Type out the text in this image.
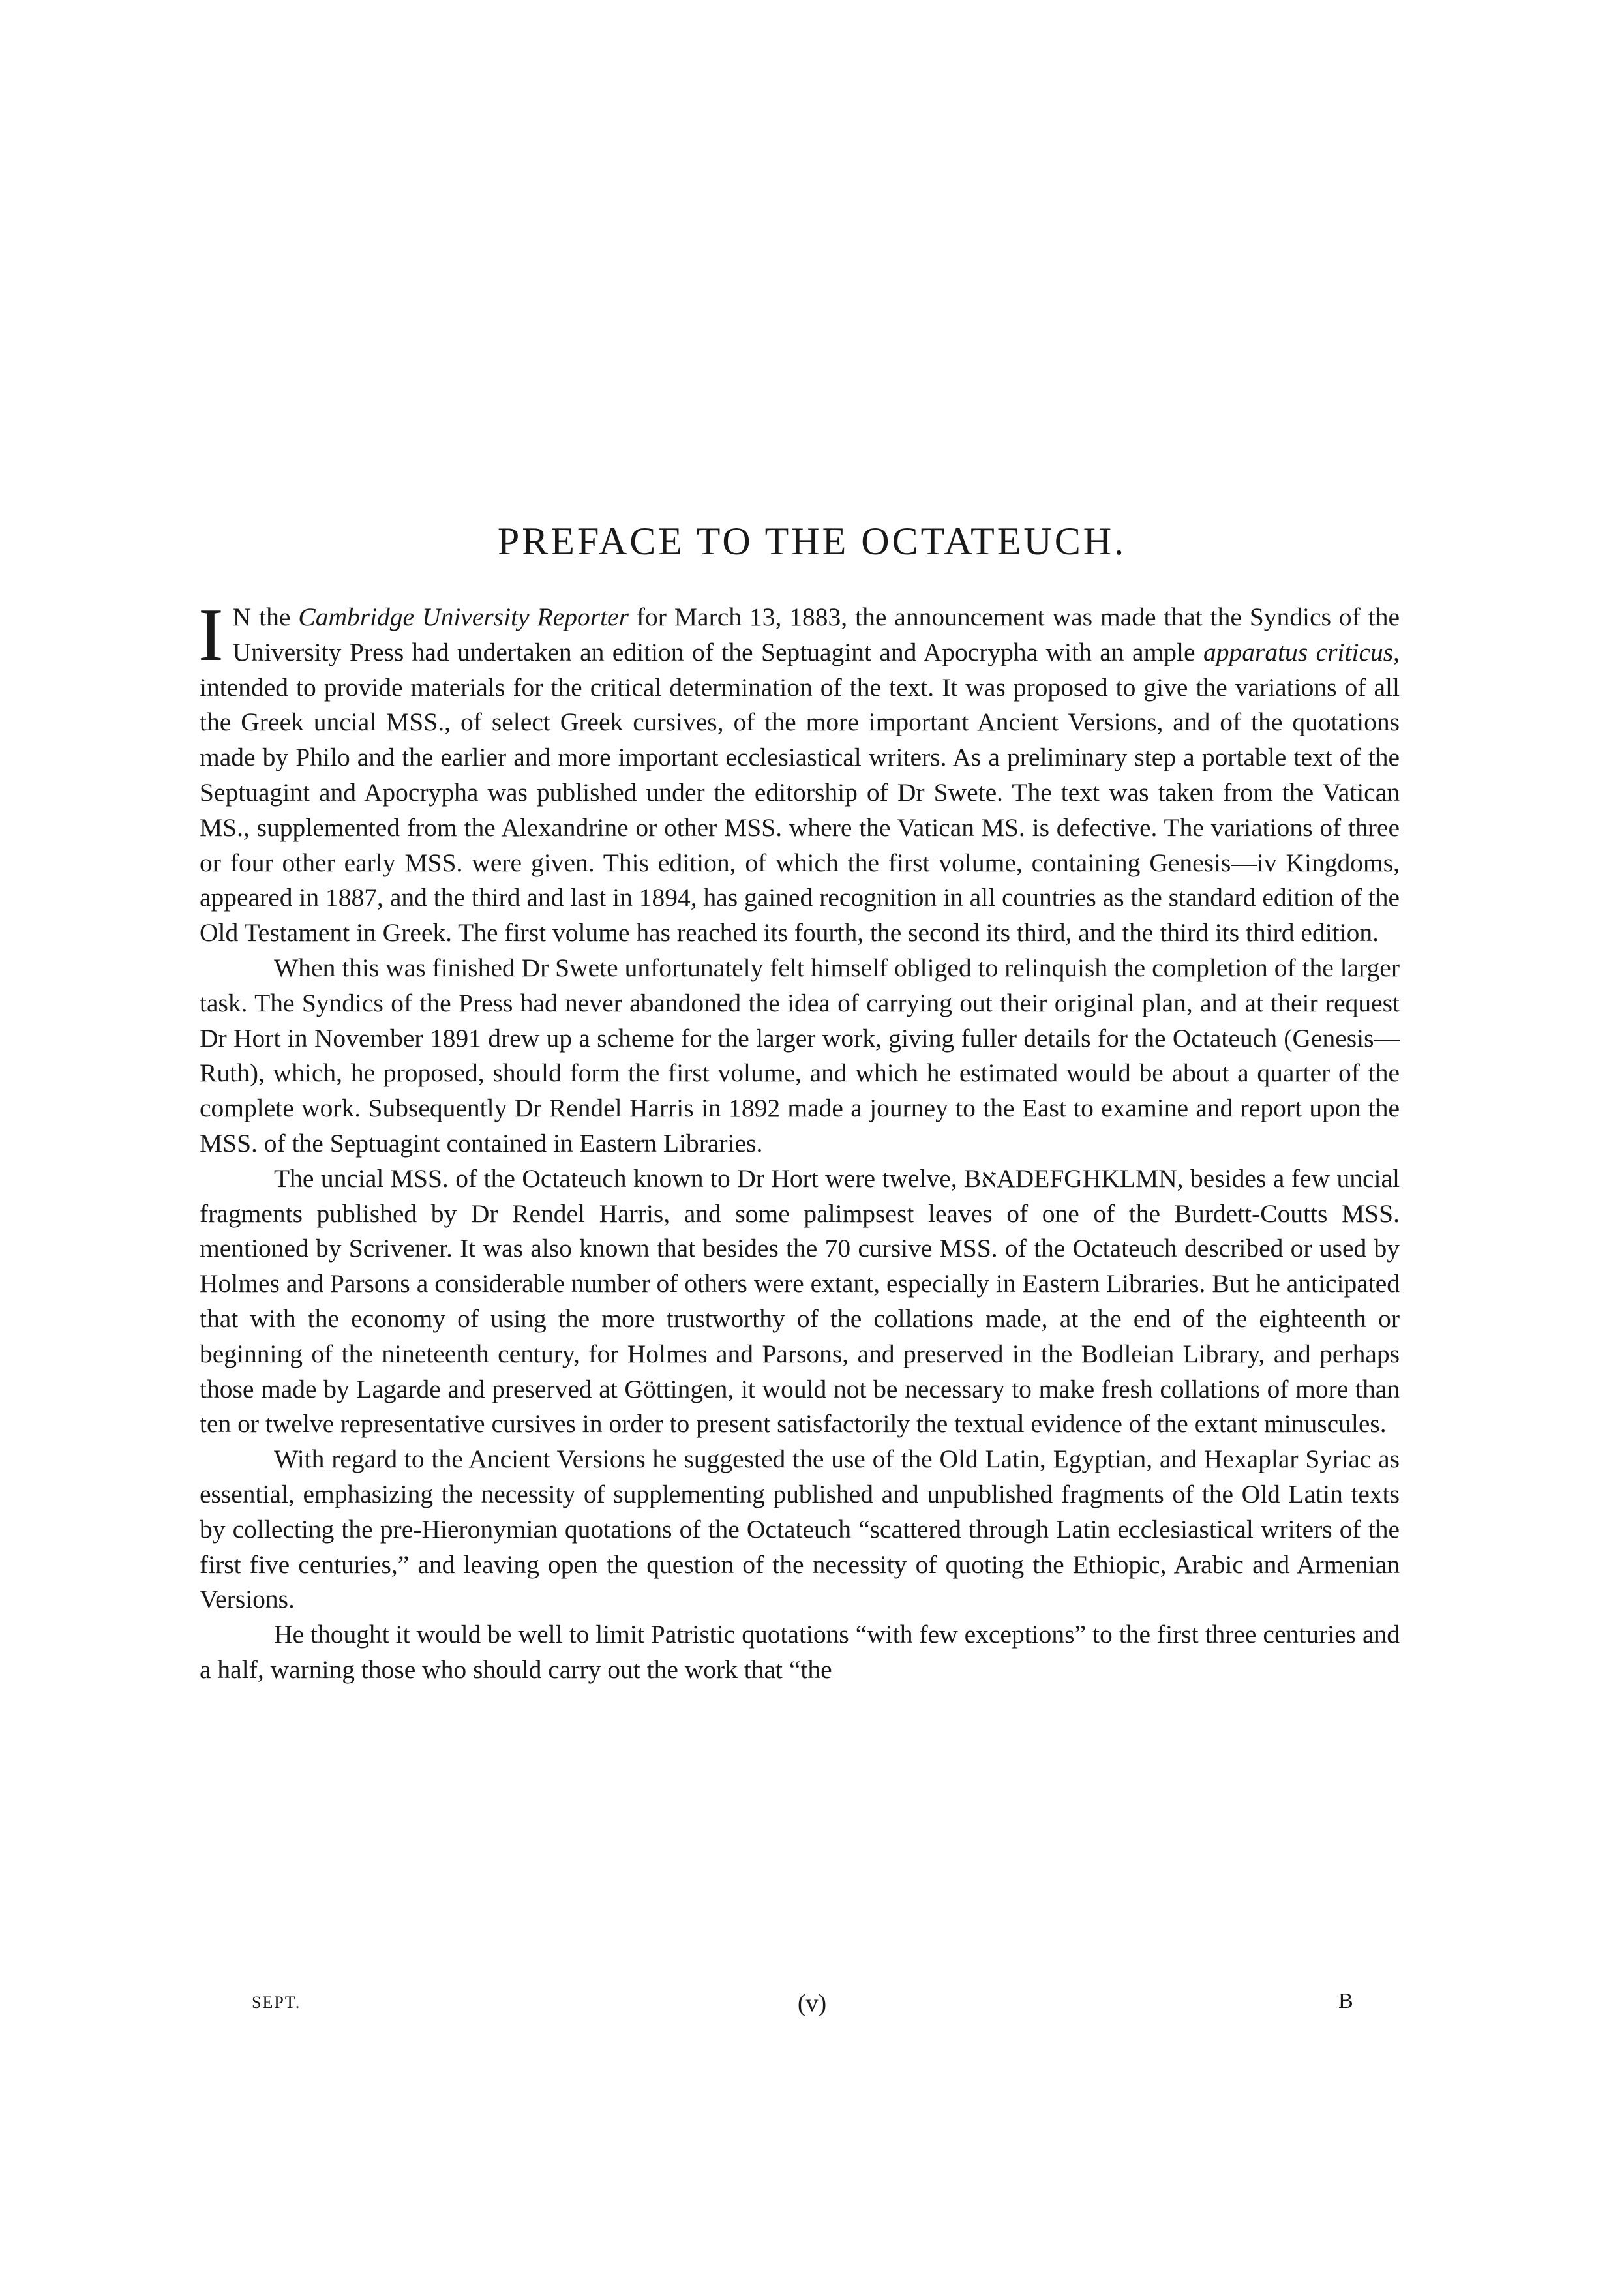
PREFACE TO THE OCTATEUCH.

I N the Cambridge University Reporter for March 13, 1883, the announcement was made that the Syndics of the University Press had undertaken an edition of the Septuagint and Apocrypha with an ample apparatus criticus, intended to provide materials for the critical determination of the text. It was proposed to give the variations of all the Greek uncial MSS., of select Greek cursives, of the more important Ancient Versions, and of the quotations made by Philo and the earlier and more important ecclesiastical writers. As a preliminary step a portable text of the Septuagint and Apocrypha was published under the editorship of Dr Swete. The text was taken from the Vatican MS., supplemented from the Alexandrine or other MSS. where the Vatican MS. is defective. The variations of three or four other early MSS. were given. This edition, of which the first volume, containing Genesis—iv Kingdoms, appeared in 1887, and the third and last in 1894, has gained recognition in all countries as the standard edition of the Old Testament in Greek. The first volume has reached its fourth, the second its third, and the third its third edition.

When this was finished Dr Swete unfortunately felt himself obliged to relinquish the completion of the larger task. The Syndics of the Press had never abandoned the idea of carrying out their original plan, and at their request Dr Hort in November 1891 drew up a scheme for the larger work, giving fuller details for the Octateuch (Genesis—Ruth), which, he proposed, should form the first volume, and which he estimated would be about a quarter of the complete work. Subsequently Dr Rendel Harris in 1892 made a journey to the East to examine and report upon the MSS. of the Septuagint contained in Eastern Libraries.

The uncial MSS. of the Octateuch known to Dr Hort were twelve, BאADEFGHKLMN, besides a few uncial fragments published by Dr Rendel Harris, and some palimpsest leaves of one of the Burdett-Coutts MSS. mentioned by Scrivener. It was also known that besides the 70 cursive MSS. of the Octateuch described or used by Holmes and Parsons a considerable number of others were extant, especially in Eastern Libraries. But he anticipated that with the economy of using the more trustworthy of the collations made, at the end of the eighteenth or beginning of the nineteenth century, for Holmes and Parsons, and preserved in the Bodleian Library, and perhaps those made by Lagarde and preserved at Göttingen, it would not be necessary to make fresh collations of more than ten or twelve representative cursives in order to present satisfactorily the textual evidence of the extant minuscules.

With regard to the Ancient Versions he suggested the use of the Old Latin, Egyptian, and Hexaplar Syriac as essential, emphasizing the necessity of supplementing published and unpublished fragments of the Old Latin texts by collecting the pre-Hieronymian quotations of the Octateuch “scattered through Latin ecclesiastical writers of the first five centuries,” and leaving open the question of the necessity of quoting the Ethiopic, Arabic and Armenian Versions.

He thought it would be well to limit Patristic quotations “with few exceptions” to the first three centuries and a half, warning those who should carry out the work that “the

SEPT.	(v)	B
